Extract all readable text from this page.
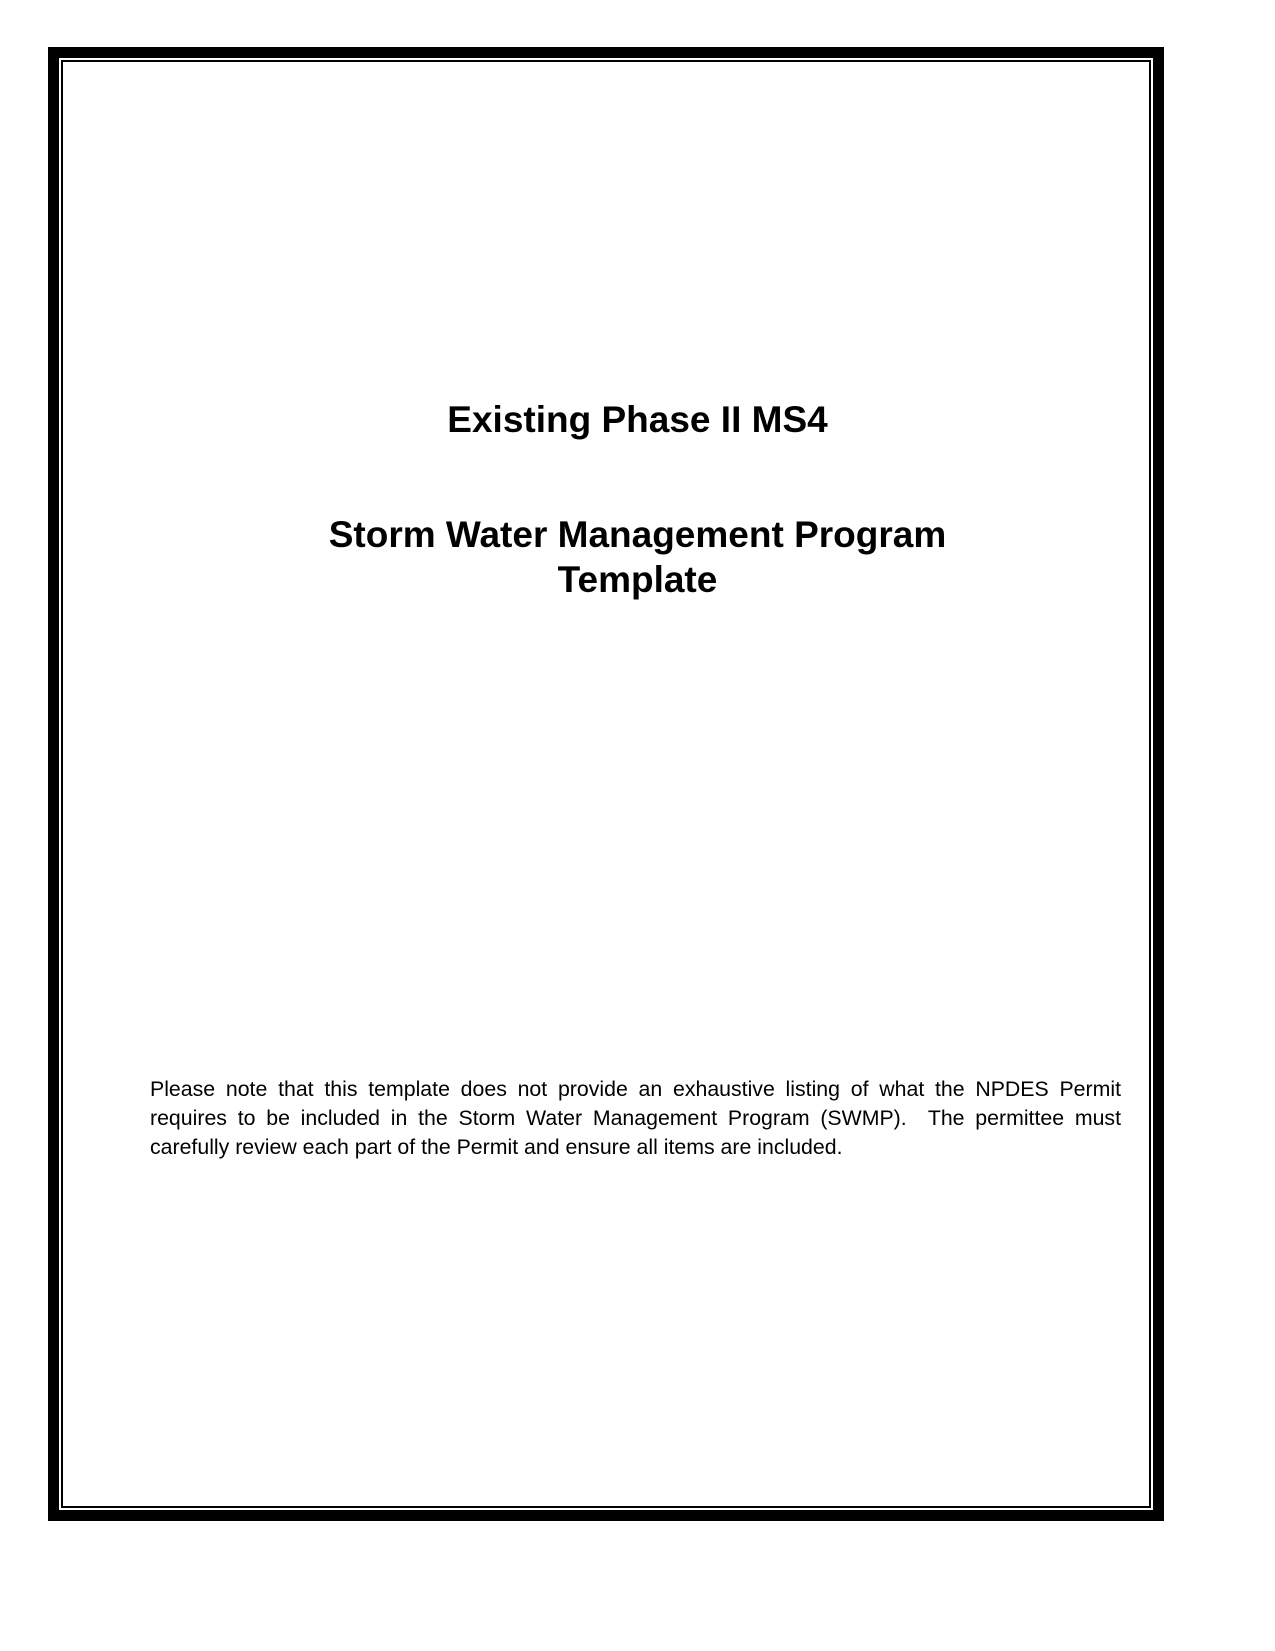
Existing Phase II MS4
Storm Water Management Program
Template

Please note that this template does not provide an exhaustive listing of what the NPDES Permit requires to be included in the Storm Water Management Program (SWMP).  The permittee must carefully review each part of the Permit and ensure all items are included.
